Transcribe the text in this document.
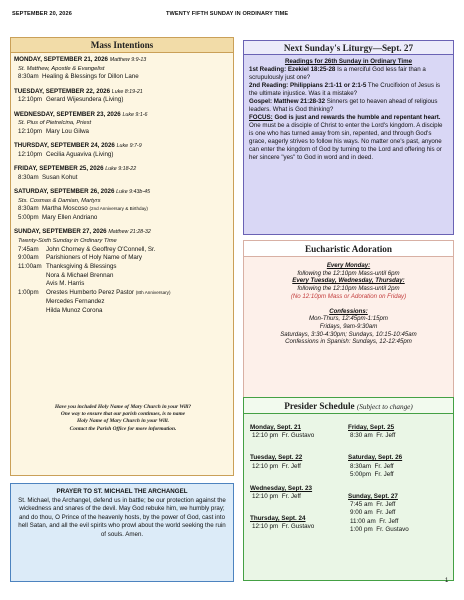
SEPTEMBER 20, 2026	TWENTY FIFTH SUNDAY IN ORDINARY TIME
Mass Intentions
MONDAY, SEPTEMBER 21, 2026 Matthew 9:9-13
St. Matthew, Apostle & Evangelist
8:30am Healing & Blessings for Dillon Lane
TUESDAY, SEPTEMBER 22, 2026 Luke 8:19-21
12:10pm Gerard Wijesundera (Living)
WEDNESDAY, SEPTEMBER 23, 2026 Luke 9:1-6
St. Pius of Pietrelcina, Priest
12:10pm Mary Lou Gilwa
THURSDAY, SEPTEMBER 24, 2026 Luke 9:7-9
12:10pm Cecilia Aguaviva (Living)
FRIDAY, SEPTEMBER 25, 2026 Luke 9:18-22
8:30am Susan Kohut
SATURDAY, SEPTEMBER 26, 2026 Luke 9:43b-45
Sts. Cosmas & Damian, Martyrs
8:30am Martha Moscoso (2nd Anniversary & Birthday)
5:00pm Mary Ellen Andriano
SUNDAY, SEPTEMBER 27, 2026 Matthew 21:28-32
Twenty-Sixth Sunday in Ordinary Time
7:45am John Chorney & Geoffrey O'Connell, Sr.
9:00am Parishioners of Holy Name of Mary
11:00am Thanksgiving & Blessings
Nora & Michael Brennan
Avis M. Harris
1:00pm Orestes Humberto Perez Pastor (8th Anniversary)
Mercedes Fernandez
Hilda Munoz Corona
Have you included Holy Name of Mary Church in your Will?
One way to ensure that our parish continues, is to name
Holy Name of Mary Church in your Will.
Contact the Parish Office for more information.
Next Sunday's Liturgy—Sept. 27
Readings for 26th Sunday in Ordinary Time
1st Reading: Ezekiel 18:25-28 Is a merciful God less fair than a scrupulously just one?
2nd Reading: Philippians 2:1-11 or 2:1-5 The Crucifixion of Jesus is the ultimate injustice. Was it a mistake?
Gospel: Matthew 21:28-32 Sinners get to heaven ahead of religious leaders. What is God thinking?
FOCUS: God is just and rewards the humble and repentant heart.
One must be a disciple of Christ to enter the Lord's kingdom. A disciple is one who has turned away from sin, repented, and through God's grace, eagerly strives to follow his ways. No matter one's past, anyone can enter the kingdom of God by turning to the Lord and offering his or her sincere "yes" to God in word and in deed.
Eucharistic Adoration
Every Monday:
following the 12:10pm Mass-until 6pm
Every Tuesday, Wednesday, Thursday:
following the 12:10pm Mass-until 2pm
(No 12:10pm Mass or Adoration on Friday)
Confessions:
Mon-Thurs, 12:45pm-1:15pm
Fridays, 9am-9:30am
Saturdays, 3:30-4:30pm; Sundays, 10:15-10:45am
Confessions in Spanish: Sundays, 12-12:45pm
Presider Schedule (Subject to change)
Monday, Sept. 21
12:10 pm  Fr. Gustavo
Tuesday, Sept. 22
12:10 pm  Fr. Jeff
Wednesday, Sept. 23
12:10 pm  Fr. Jeff
Thursday, Sept. 24
12:10 pm  Fr. Gustavo
Friday, Sept. 25
8:30 am  Fr. Jeff
Saturday, Sept. 26
8:30am  Fr. Jeff
5:00pm  Fr. Jeff
Sunday, Sept. 27
7:45 am  Fr. Jeff
9:00 am  Fr. Jeff
11:00 am  Fr. Jeff
1:00 pm  Fr. Gustavo
PRAYER TO ST. MICHAEL THE ARCHANGEL
St. Michael, the Archangel, defend us in battle; be our protection against the wickedness and snares of the devil. May God rebuke him, we humbly pray; and do thou, O Prince of the heavenly hosts, by the power of God, cast into hell Satan, and all the evil spirits who prowl about the world seeking the ruin of souls. Amen.
1
